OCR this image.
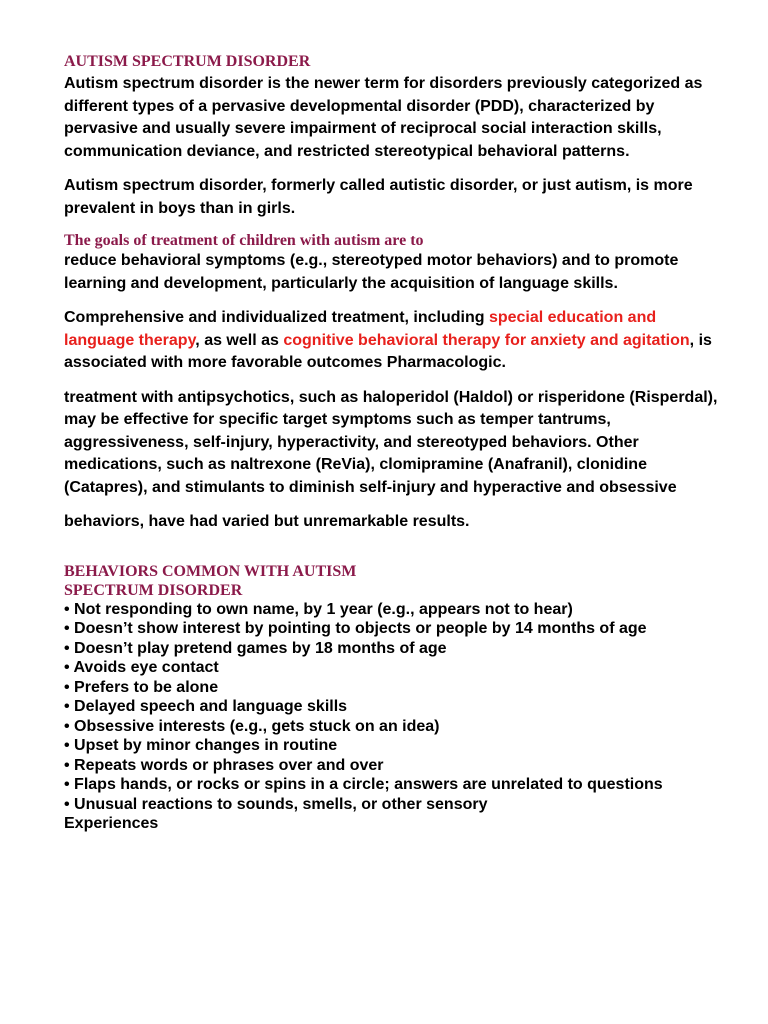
AUTISM SPECTRUM DISORDER

Autism spectrum disorder is the newer term for disorders previously categorized as different types of a pervasive developmental disorder (PDD), characterized by pervasive and usually severe impairment of reciprocal social interaction skills, communication deviance, and restricted stereotypical behavioral patterns.

Autism spectrum disorder, formerly called autistic disorder, or just autism, is more prevalent in boys than in girls.

The goals of treatment of children with autism are to

reduce behavioral symptoms (e.g., stereotyped motor behaviors) and to promote learning and development, particularly the acquisition of language skills.

Comprehensive and individualized treatment, including special education and language therapy, as well as cognitive behavioral therapy for anxiety and agitation, is associated with more favorable outcomes Pharmacologic.

treatment with antipsychotics, such as haloperidol (Haldol) or risperidone (Risperdal), may be effective for specific target symptoms such as temper tantrums, aggressiveness, self-injury, hyperactivity, and stereotyped behaviors. Other medications, such as naltrexone (ReVia), clomipramine (Anafranil), clonidine (Catapres), and stimulants to diminish self-injury and hyperactive and obsessive

behaviors, have had varied but unremarkable results.

BEHAVIORS COMMON WITH AUTISM
SPECTRUM DISORDER
• Not responding to own name, by 1 year (e.g., appears not to hear)
• Doesn’t show interest by pointing to objects or people by 14 months of age
• Doesn’t play pretend games by 18 months of age
• Avoids eye contact
• Prefers to be alone
• Delayed speech and language skills
• Obsessive interests (e.g., gets stuck on an idea)
• Upset by minor changes in routine
• Repeats words or phrases over and over
• Flaps hands, or rocks or spins in a circle; answers are unrelated to questions
• Unusual reactions to sounds, smells, or other sensory
Experiences
